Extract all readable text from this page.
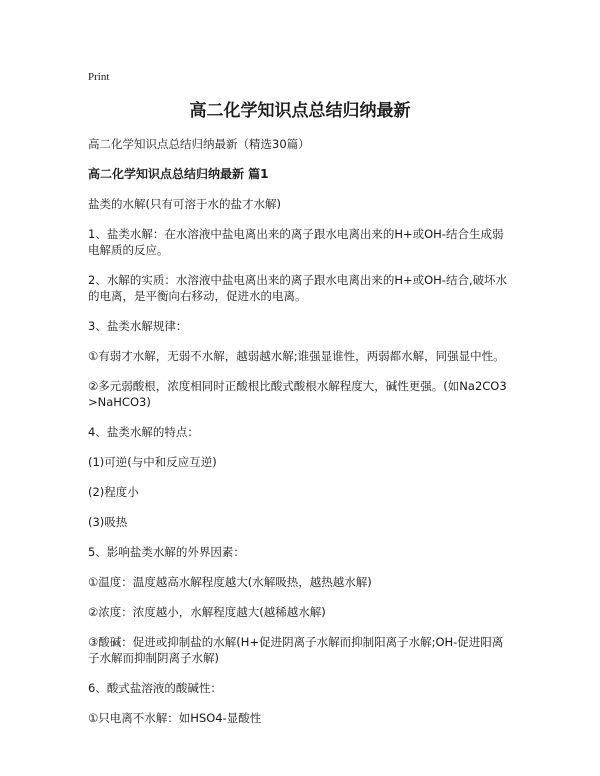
Print
高二化学知识点总结归纳最新
高二化学知识点总结归纳最新（精选30篇）
高二化学知识点总结归纳最新 篇1

盐类的水解(只有可溶于水的盐才水解)

1、盐类水解：在水溶液中盐电离出来的离子跟水电离出来的H+或OH-结合生成弱电解质的反应。

2、水解的实质：水溶液中盐电离出来的离子跟水电离出来的H+或OH-结合,破坏水的电离，是平衡向右移动，促进水的电离。

3、盐类水解规律：

①有弱才水解，无弱不水解，越弱越水解;谁强显谁性，两弱都水解，同强显中性。

②多元弱酸根，浓度相同时正酸根比酸式酸根水解程度大，碱性更强。(如Na2CO3>NaHCO3)

4、盐类水解的特点：

(1)可逆(与中和反应互逆)

(2)程度小

(3)吸热

5、影响盐类水解的外界因素：

①温度：温度越高水解程度越大(水解吸热，越热越水解)

②浓度：浓度越小，水解程度越大(越稀越水解)

③酸碱：促进或抑制盐的水解(H+促进阴离子水解而抑制阳离子水解;OH-促进阳离子水解而抑制阴离子水解)

6、酸式盐溶液的酸碱性：

①只电离不水解：如HSO4-显酸性
